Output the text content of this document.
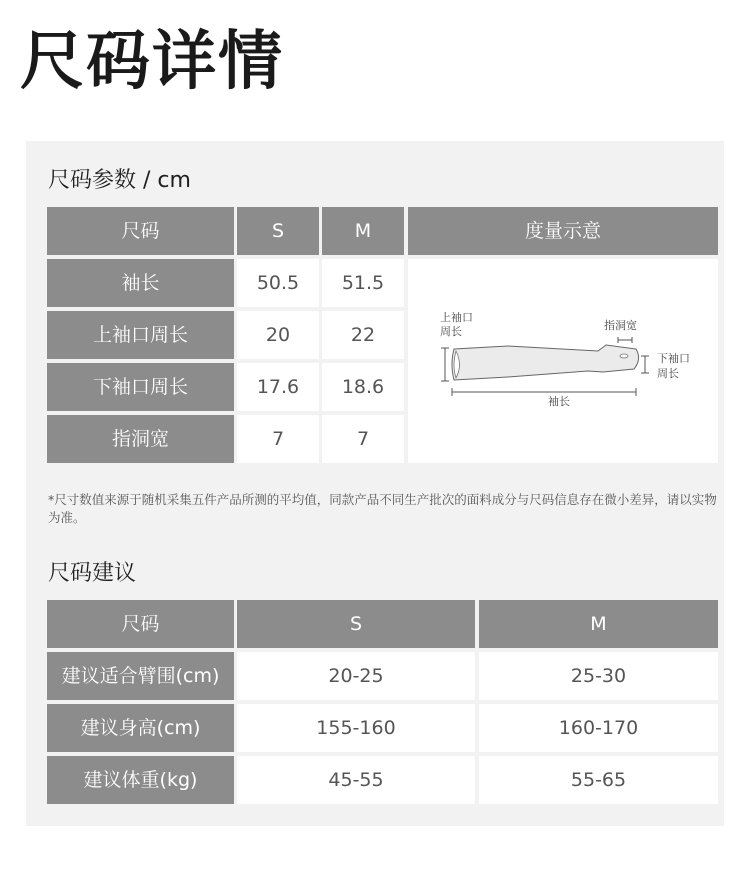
尺码详情
尺码参数 / cm
尺码	S	M	度量示意
袖长	50.5	51.5
上袖口周长	20	22
下袖口周长	17.6	18.6
指洞宽	7	7
上袖口
周长	指洞宽
下袖口
周长
袖长

*尺寸数值来源于随机采集五件产品所测的平均值，同款产品不同生产批次的面料成分与尺码信息存在微小差异，请以实物为准。

尺码建议
尺码	S	M
建议适合臂围(cm)	20-25	25-30
建议身高(cm)	155-160	160-170
建议体重(kg)	45-55	55-65
